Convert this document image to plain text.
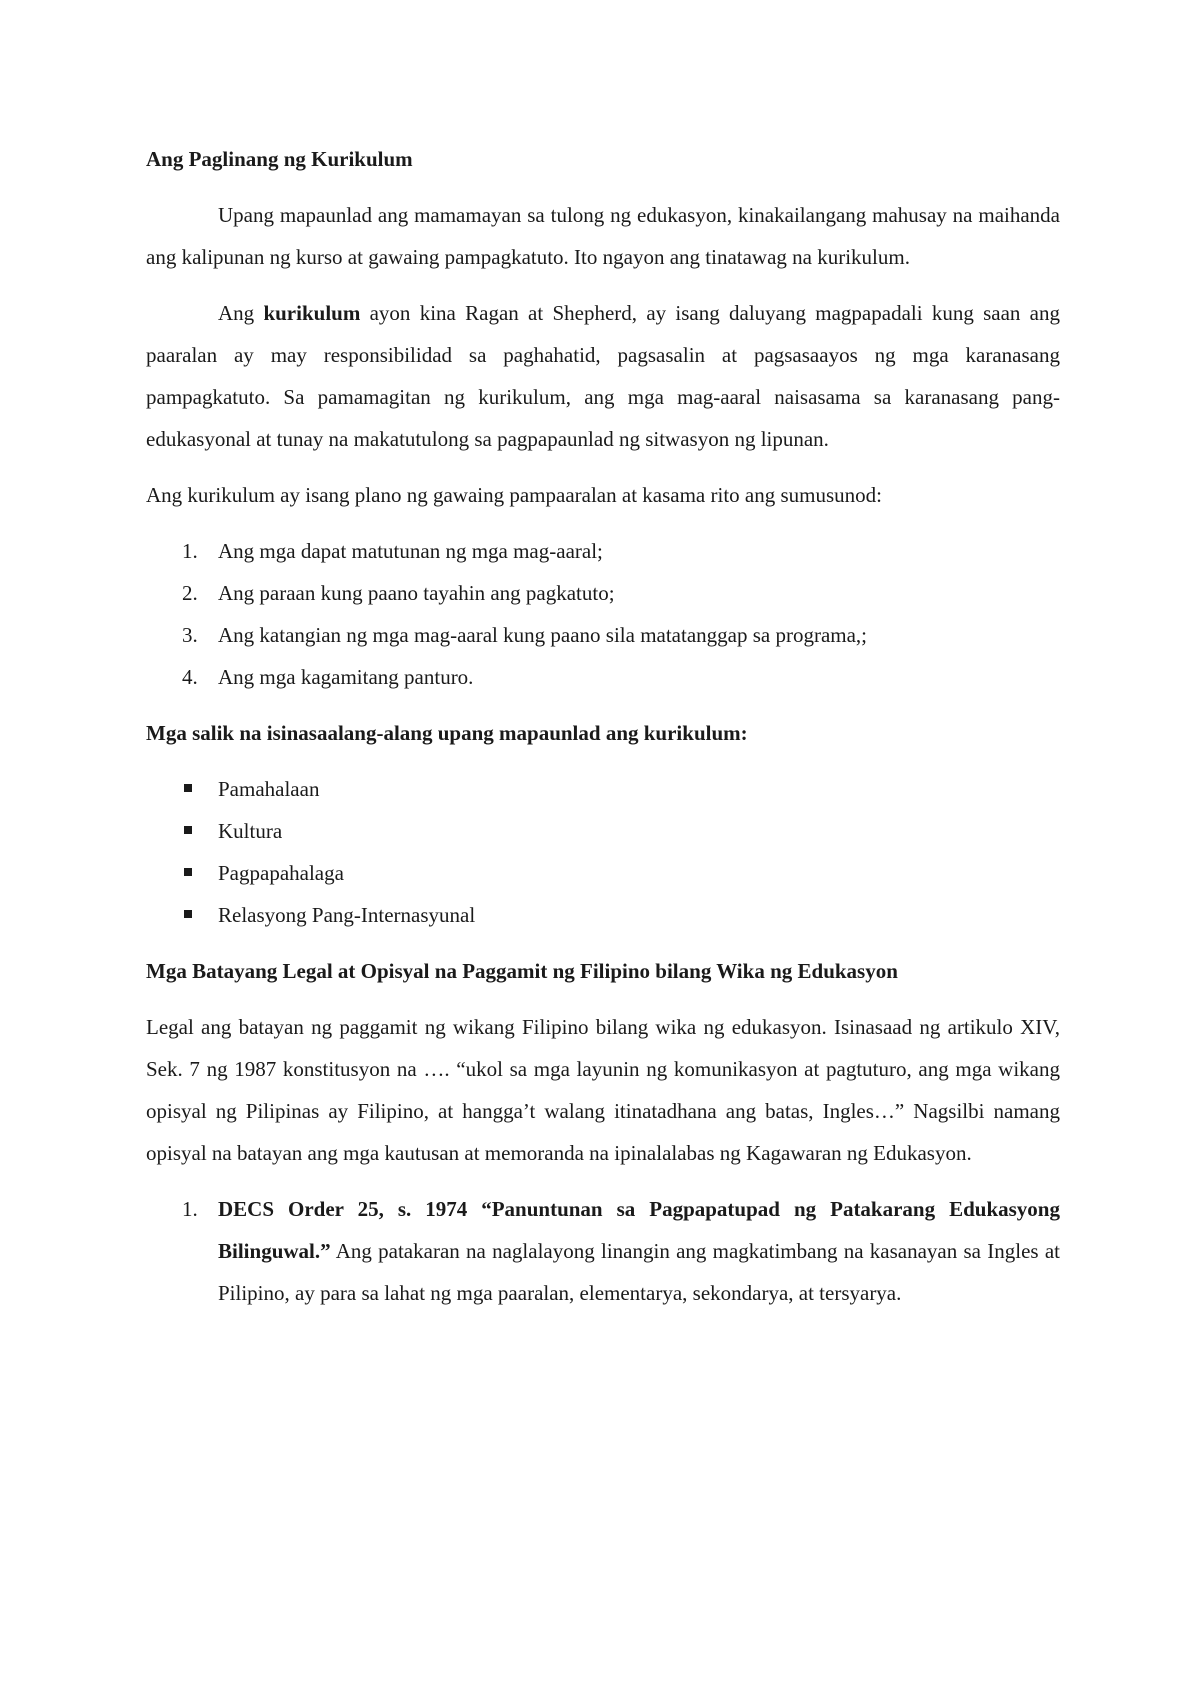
Ang Paglinang ng Kurikulum

Upang mapaunlad ang mamamayan sa tulong ng edukasyon, kinakailangang mahusay na maihanda ang kalipunan ng kurso at gawaing pampagkatuto. Ito ngayon ang tinatawag na kurikulum.

Ang kurikulum ayon kina Ragan at Shepherd, ay isang daluyang magpapadali kung saan ang paaralan ay may responsibilidad sa paghahatid, pagsasalin at pagsasaayos ng mga karanasang pampagkatuto. Sa pamamagitan ng kurikulum, ang mga mag-aaral naisasama sa karanasang pang-edukasyonal at tunay na makatutulong sa pagpapaunlad ng sitwasyon ng lipunan.

Ang kurikulum ay isang plano ng gawaing pampaaralan at kasama rito ang sumusunod:

1. Ang mga dapat matutunan ng mga mag-aaral;
2. Ang paraan kung paano tayahin ang pagkatuto;
3. Ang katangian ng mga mag-aaral kung paano sila matatanggap sa programa,;
4. Ang mga kagamitang panturo.
Mga salik na isinasaalang-alang upang mapaunlad ang kurikulum:
Pamahalaan
Kultura
Pagpapahalaga
Relasyong Pang-Internasyunal
Mga Batayang Legal at Opisyal na Paggamit ng Filipino bilang Wika ng Edukasyon

Legal ang batayan ng paggamit ng wikang Filipino bilang wika ng edukasyon. Isinasaad ng artikulo XIV, Sek. 7 ng 1987 konstitusyon na …. “ukol sa mga layunin ng komunikasyon at pagtuturo, ang mga wikang opisyal ng Pilipinas ay Filipino, at hangga’t walang itinatadhana ang batas, Ingles…” Nagsilbi namang opisyal na batayan ang mga kautusan at memoranda na ipinalalabas ng Kagawaran ng Edukasyon.

1. DECS Order 25, s. 1974 “Panuntunan sa Pagpapatupad ng Patakarang Edukasyong Bilinguwal.” Ang patakaran na naglalayong linangin ang magkatimbang na kasanayan sa Ingles at Pilipino, ay para sa lahat ng mga paaralan, elementarya, sekondarya, at tersyarya.
